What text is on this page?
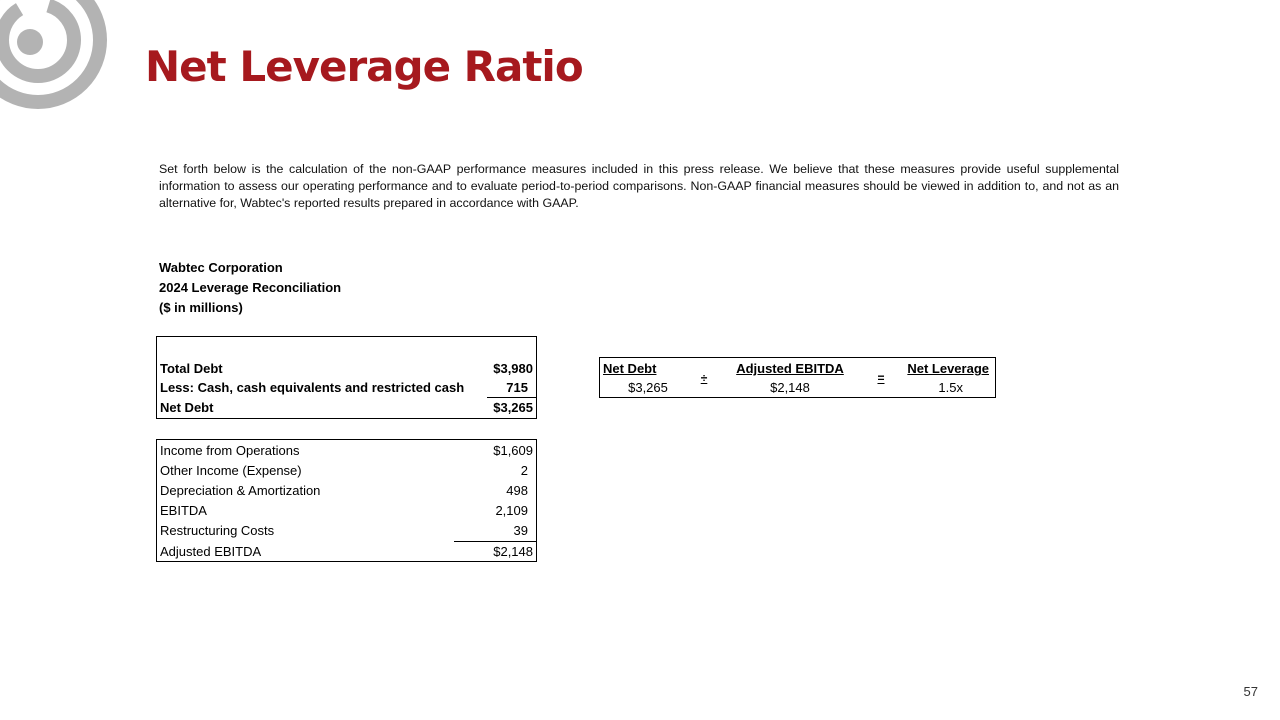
Net Leverage Ratio
Set forth below is the calculation of the non-GAAP performance measures included in this press release. We believe that these measures provide useful supplemental information to assess our operating performance and to evaluate period-to-period comparisons. Non-GAAP financial measures should be viewed in addition to, and not as an alternative for, Wabtec's reported results prepared in accordance with GAAP.
Wabtec Corporation
2024 Leverage Reconciliation
($ in millions)
Total Debt	$3,980
Less: Cash, cash equivalents and restricted cash	715
Net Debt	$3,265
Income from Operations	$1,609
Other Income (Expense)	2
Depreciation & Amortization	498
EBITDA	2,109
Restructuring Costs	39
Adjusted EBITDA	$2,148
Net Debt	÷	Adjusted EBITDA	=	Net Leverage
$3,265		$2,148		1.5x
57
